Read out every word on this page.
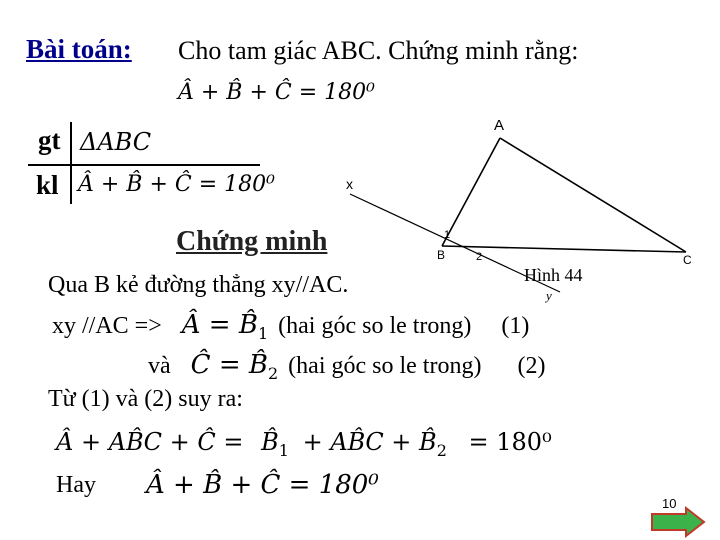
Bài toán: Cho tam giác ABC. Chứng minh rằng:
Â + B̂ + Ĉ = 180⁰
gt
kl
ΔABC
Â + B̂ + Ĉ = 180⁰
Chứng minh
A
B	C
x
y
1
2
Hình 44
Qua B kẻ đường thẳng xy//AC.
xy //AC => Â = $B̂_1$ (hai góc so le trong) (1)
và Ĉ = $B̂_2$ (hai góc so le trong) (2)
Từ (1) và (2) suy ra:
Â + AB̂C + Ĉ = $B̂_1$ + AB̂C + $B̂_2 = 180^0$
Hay Â + B̂ + Ĉ = 180⁰
10
